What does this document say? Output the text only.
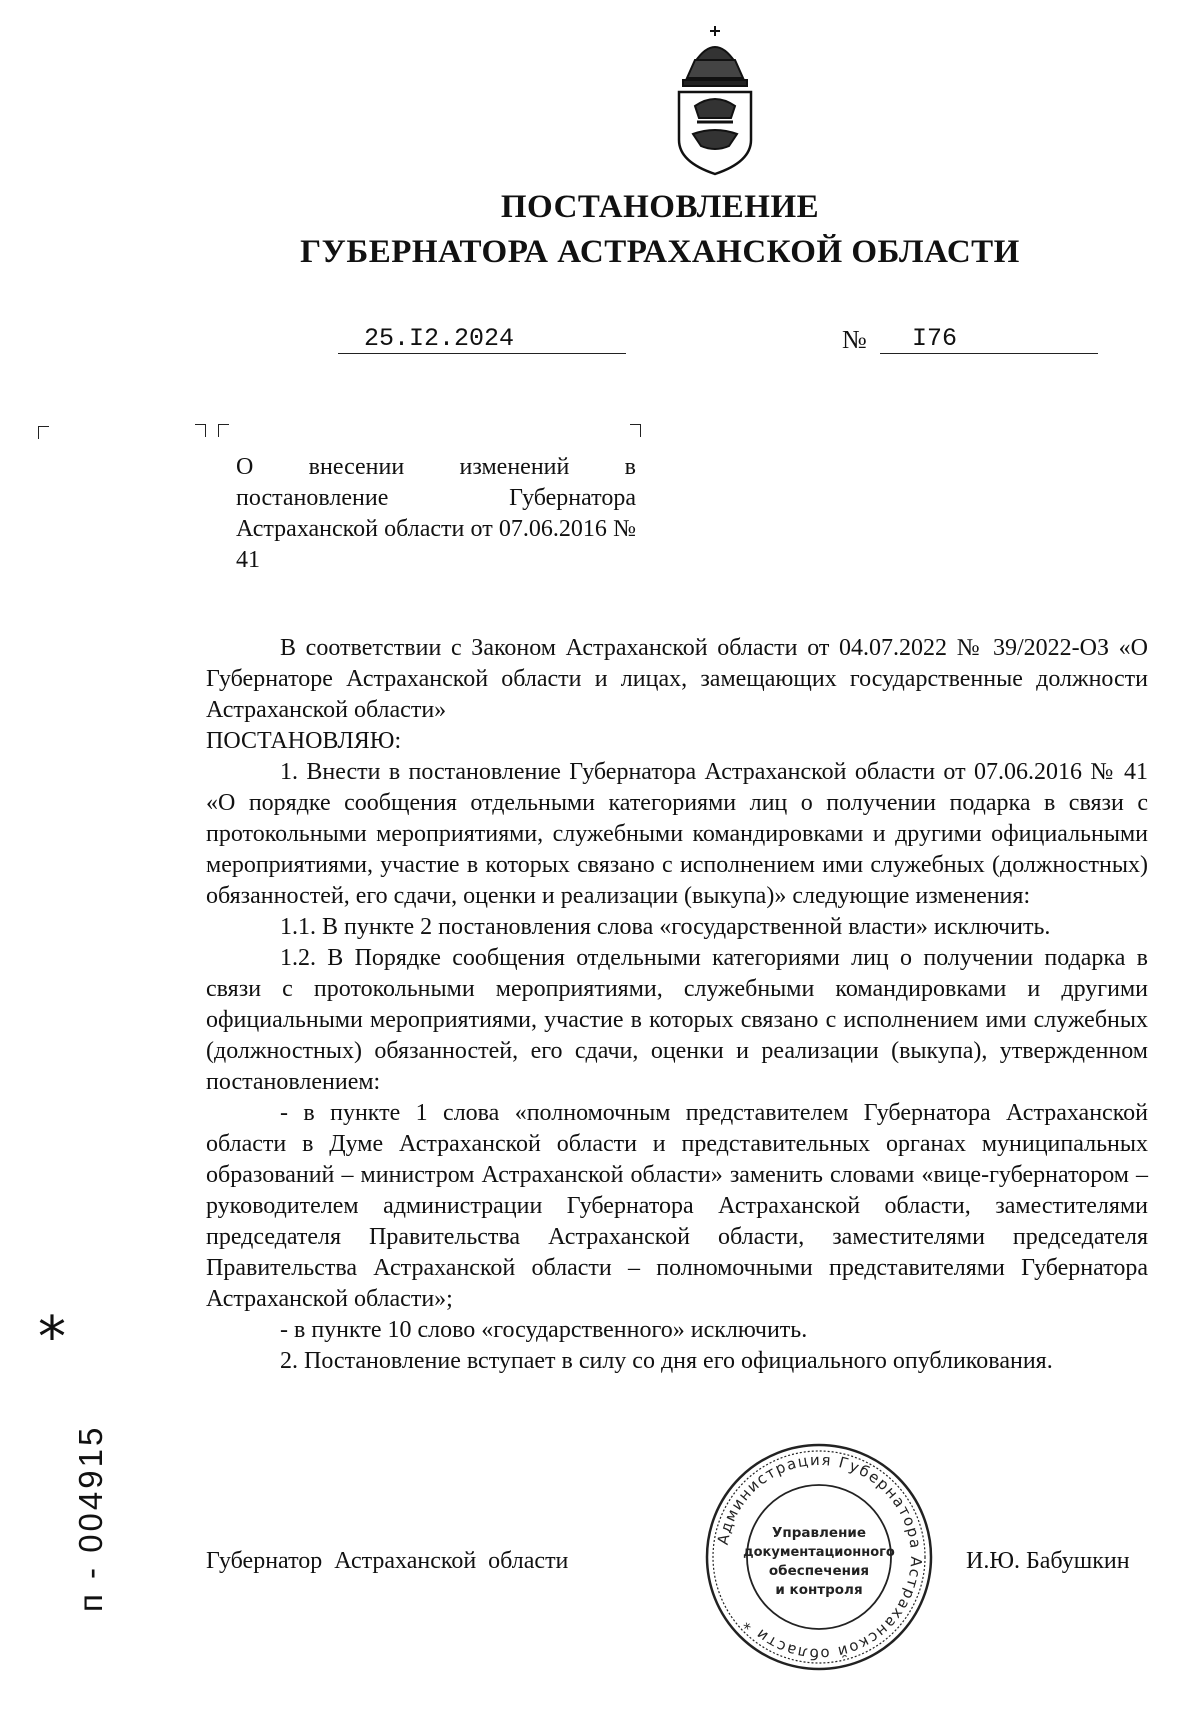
ПОСТАНОВЛЕНИЕ
ГУБЕРНАТОРА АСТРАХАНСКОЙ ОБЛАСТИ
25.I2.2024	№	I76
О внесении изменений в постановление Губернатора Астраханской области от 07.06.2016 № 41

В соответствии с Законом Астраханской области от 04.07.2022 № 39/2022-ОЗ «О Губернаторе Астраханской области и лицах, замещающих государственные должности Астраханской области»

ПОСТАНОВЛЯЮ:

1. Внести в постановление Губернатора Астраханской области от 07.06.2016 № 41 «О порядке сообщения отдельными категориями лиц о получении подарка в связи с протокольными мероприятиями, служебными командировками и другими официальными мероприятиями, участие в которых связано с исполнением ими служебных (должностных) обязанностей, его сдачи, оценки и реализации (выкупа)» следующие изменения:

1.1. В пункте 2 постановления слова «государственной власти» исключить.

1.2. В Порядке сообщения отдельными категориями лиц о получении подарка в связи с протокольными мероприятиями, служебными командировками и другими официальными мероприятиями, участие в которых связано с исполнением ими служебных (должностных) обязанностей, его сдачи, оценки и реализации (выкупа), утвержденном постановлением:

- в пункте 1 слова «полномочным представителем Губернатора Астраханской области в Думе Астраханской области и представительных органах муниципальных образований – министром Астраханской области» заменить словами «вице-губернатором – руководителем администрации Губернатора Астраханской области, заместителями председателя Правительства Астраханской области, заместителями председателя Правительства Астраханской области – полномочными представителями Губернатора Астраханской области»;

- в пункте 10 слово «государственного» исключить.

2. Постановление вступает в силу со дня его официального опубликования.

Губернатор Астраханской области	И.Ю. Бабушкин
Администрация Губернатора Астраханской области *
Управление
документационного
обеспечения
и контроля
*
п - 004915
